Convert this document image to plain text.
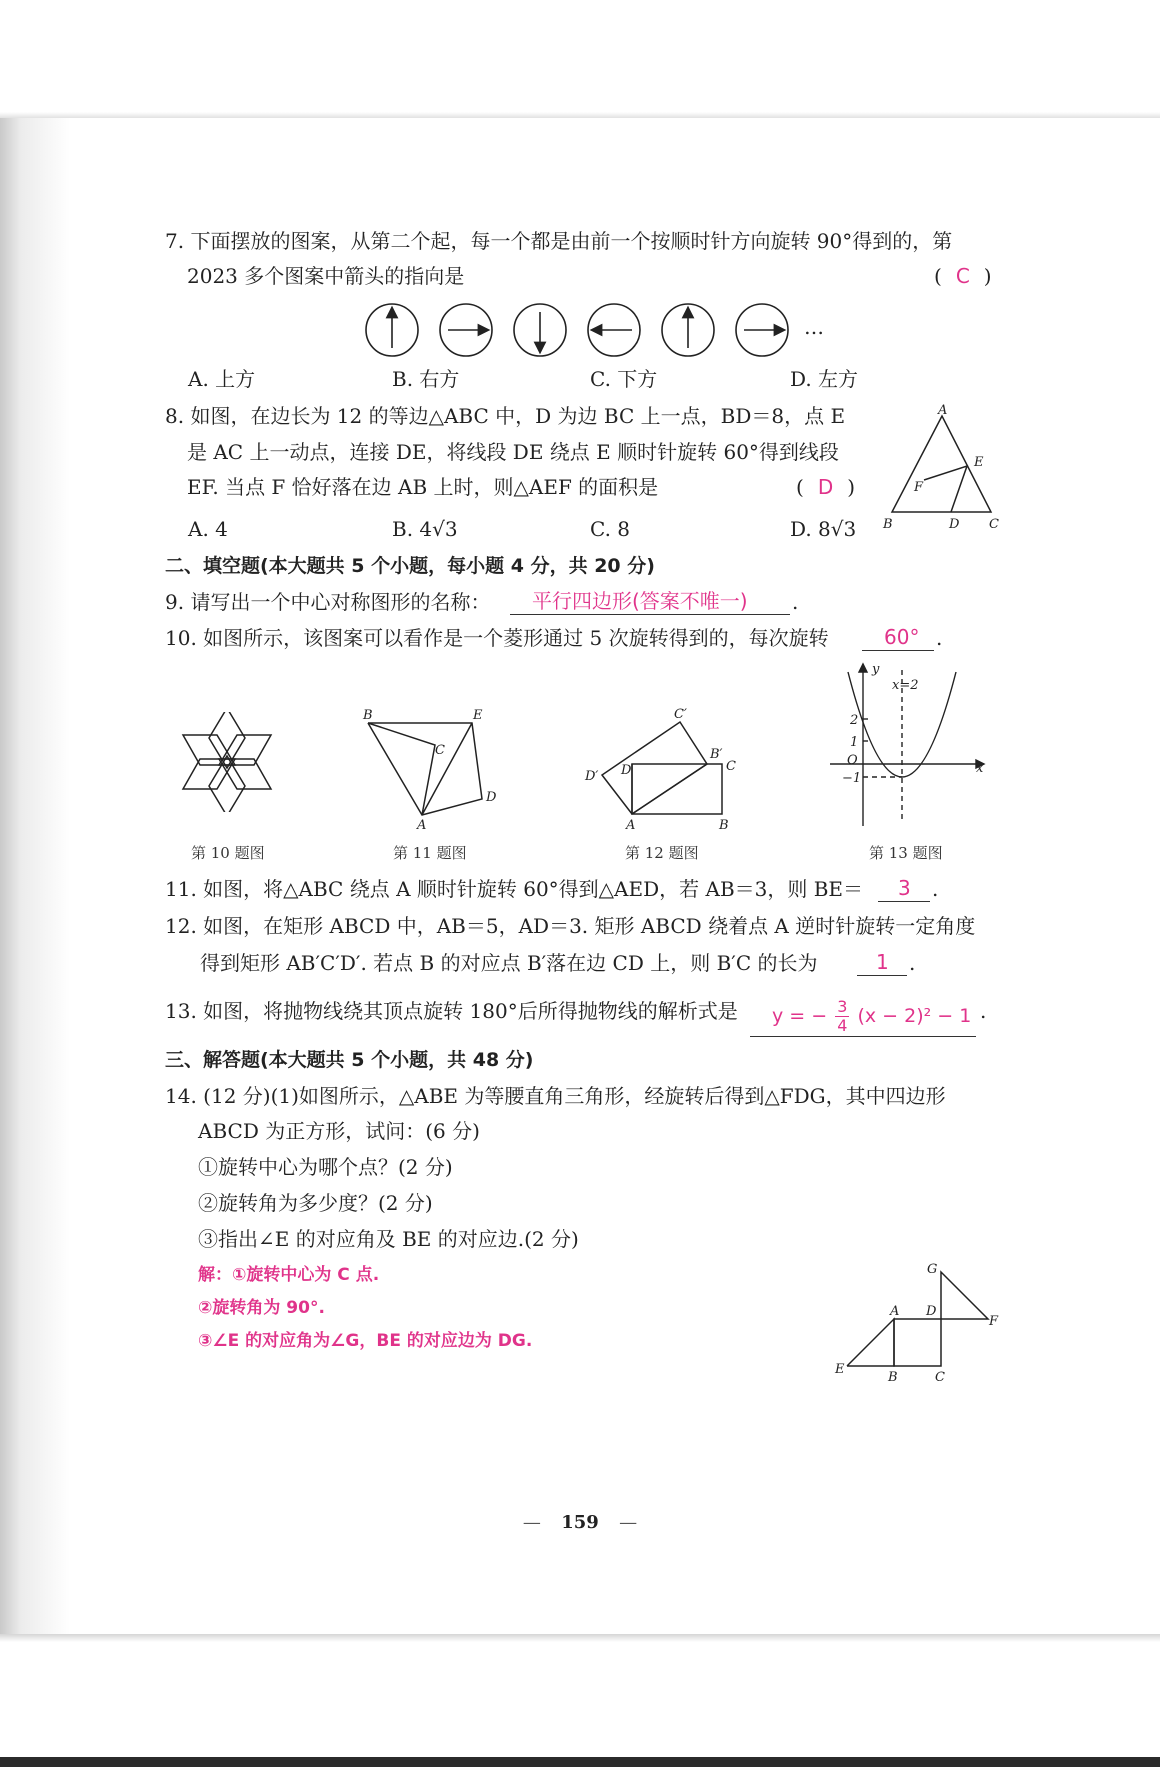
7. 下面摆放的图案，从第二个起，每一个都是由前一个按顺时针方向旋转 90°得到的，第
2023 多个图案中箭头的指向是	( C )
…
A. 上方	B. 右方	C. 下方	D. 左方
8. 如图，在边长为 12 的等边△ABC 中，D 为边 BC 上一点，BD＝8，点 E
是 AC 上一动点，连接 DE，将线段 DE 绕点 E 顺时针旋转 60°得到线段
EF. 当点 F 恰好落在边 AB 上时，则△AEF 的面积是	( D )
A. 4	B. 4√3	C. 8	D. 8√3
A
B	C
D
E
F
二、填空题(本大题共 5 个小题，每小题 4 分，共 20 分)
9. 请写出一个中心对称图形的名称： 平行四边形(答案不唯一) .
10. 如图所示，该图案可以看作是一个菱形通过 5 次旋转得到的，每次旋转	60° .
B	E
C
D
A
C′
B′
C
D′ D
A	B
y
x
x=2
2
1
O
−1
第 10 题图	第 11 题图	第 12 题图	第 13 题图
11. 如图，将△ABC 绕点 A 顺时针旋转 60°得到△AED，若 AB＝3，则 BE＝ 3 .
12. 如图，在矩形 ABCD 中，AB＝5，AD＝3. 矩形 ABCD 绕着点 A 逆时针旋转一定角度
得到矩形 AB′C′D′. 若点 B 的对应点 B′落在边 CD 上，则 B′C 的长为	1 .
13. 如图，将抛物线绕其顶点旋转 180°后所得抛物线的解析式是 y = − $\frac{3}{4} (x - 2)^2 - 1$ .
三、解答题(本大题共 5 个小题，共 48 分)
14. (12 分)(1)如图所示，△ABE 为等腰直角三角形，经旋转后得到△FDG，其中四边形
ABCD 为正方形，试问：(6 分)
①旋转中心为哪个点？(2 分)
②旋转角为多少度？(2 分)
③指出∠E 的对应角及 BE 的对应边.(2 分)
解：①旋转中心为 C 点.
②旋转角为 90°.
③∠E 的对应角为∠G，BE 的对应边为 DG.
G
A D
F
E
B	C
— 159 —
